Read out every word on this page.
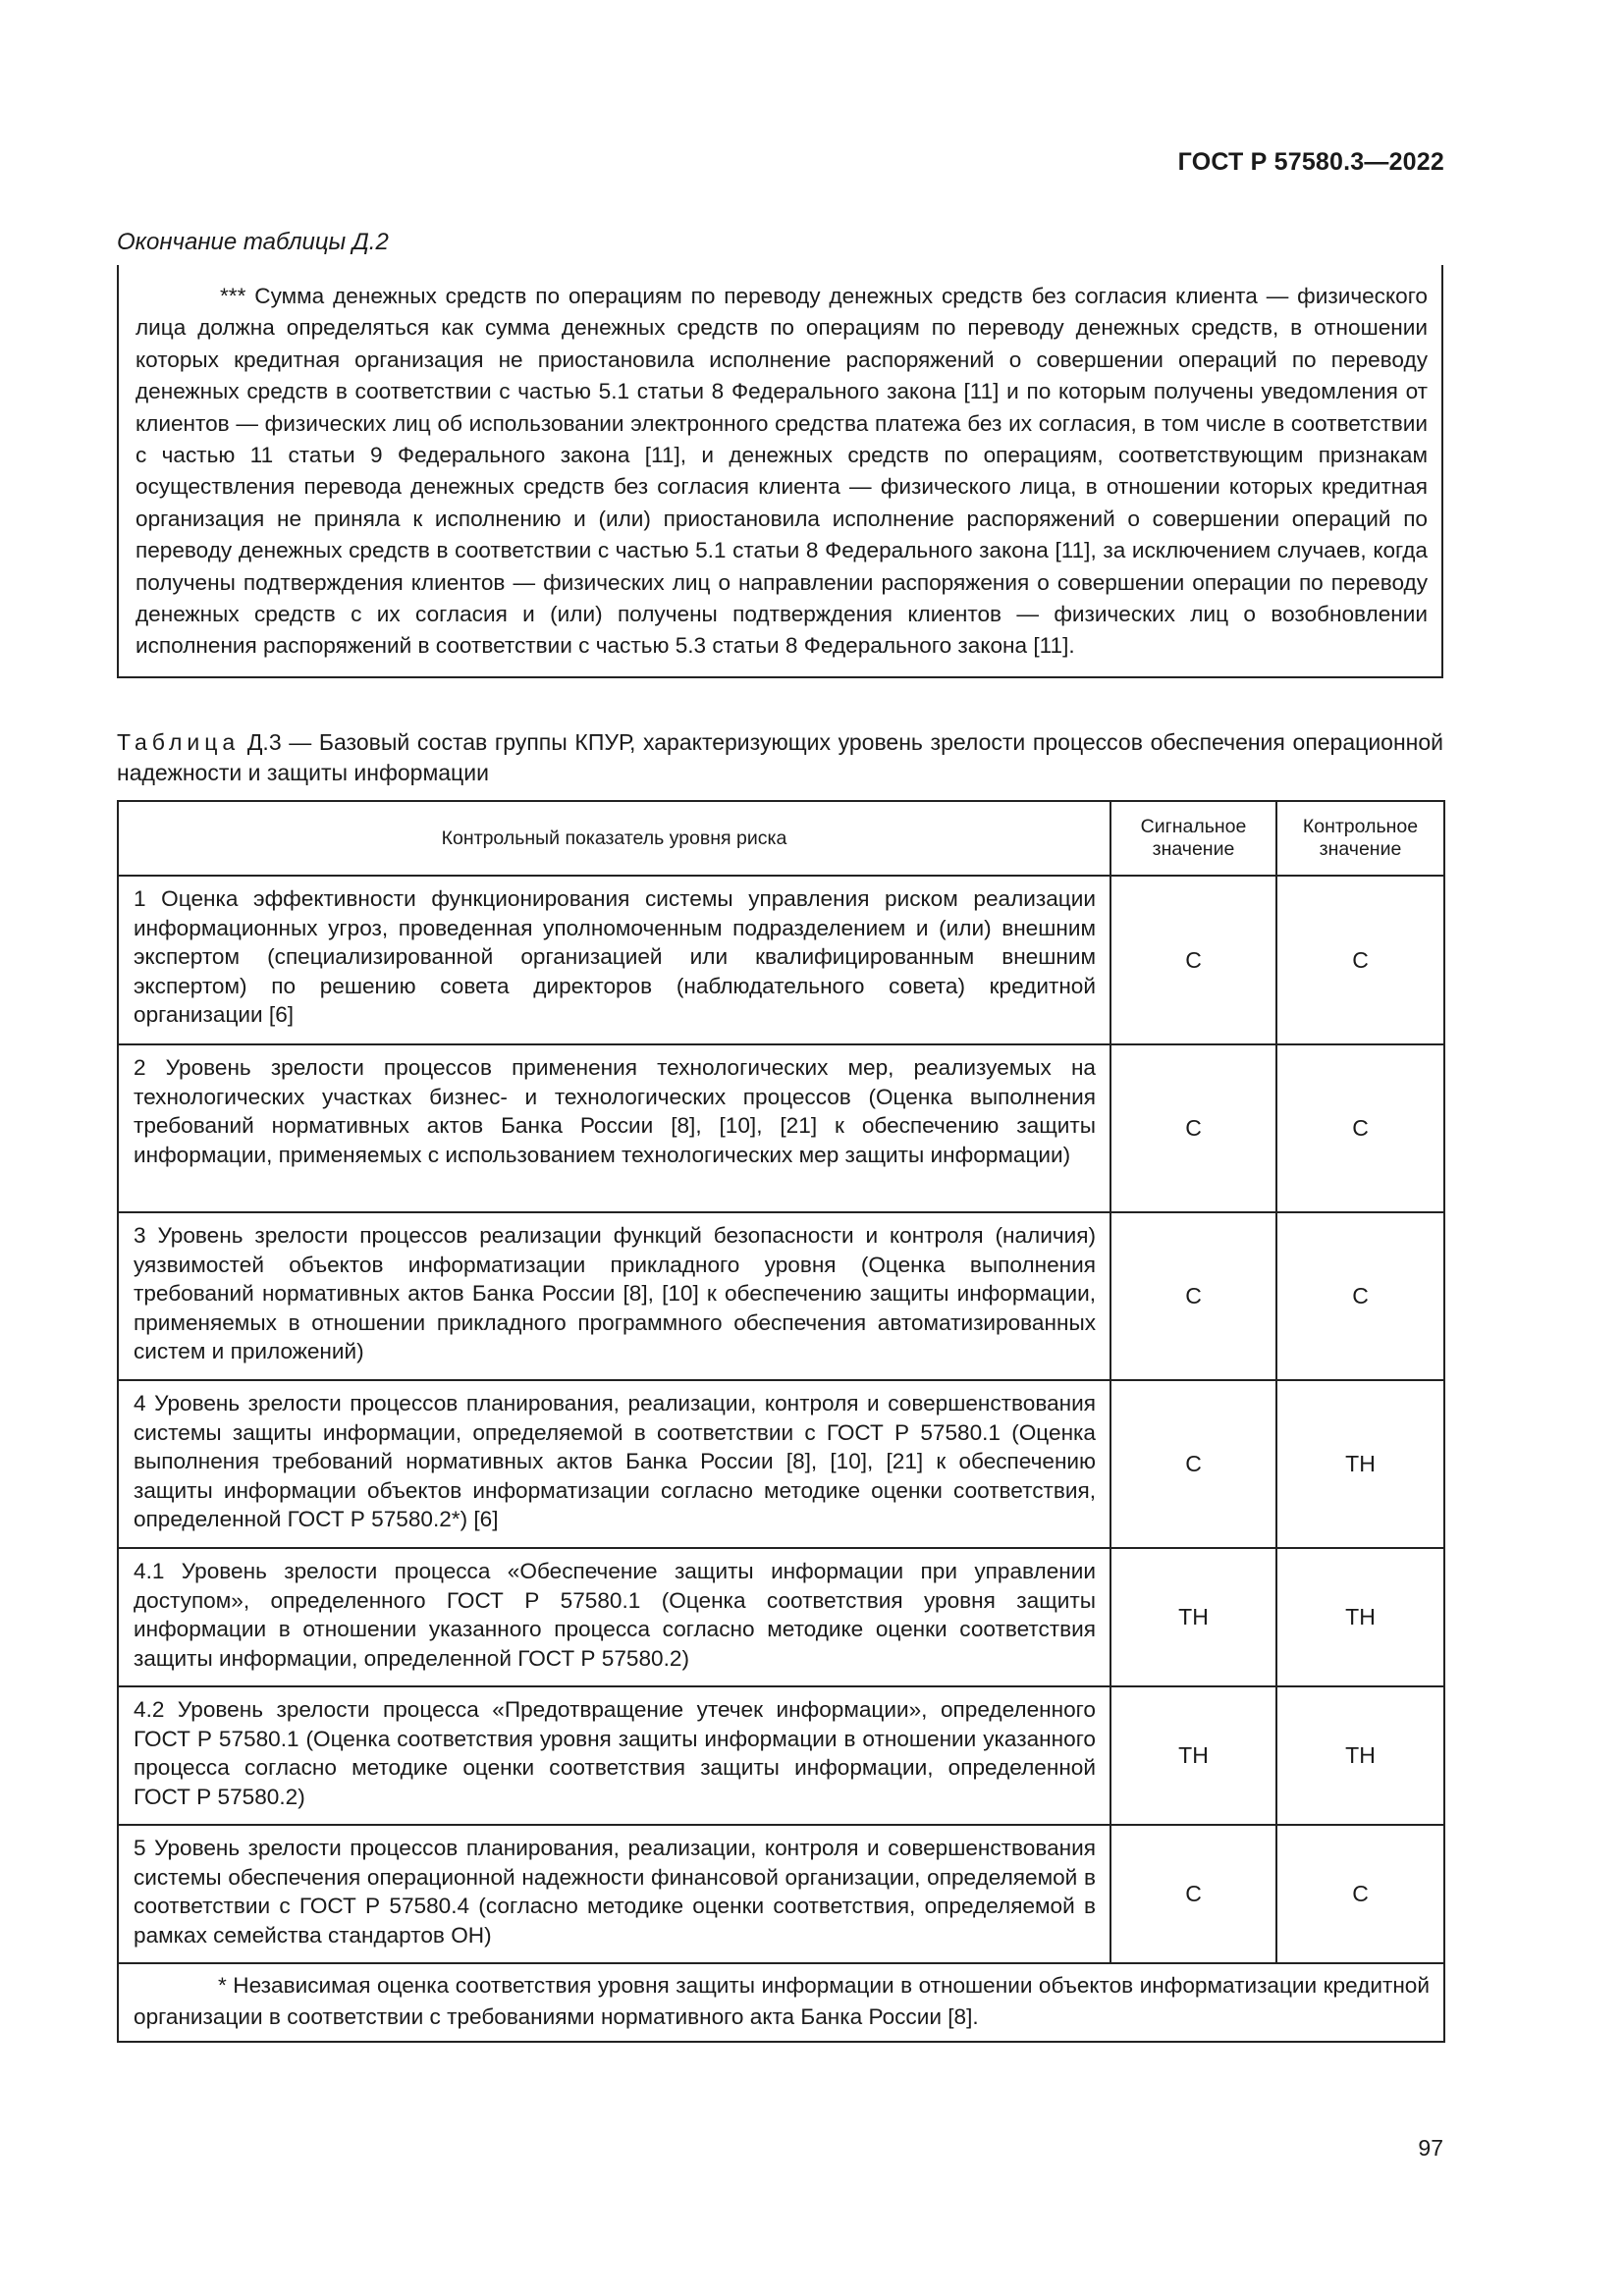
ГОСТ Р 57580.3—2022
Окончание таблицы Д.2

*** Сумма денежных средств по операциям по переводу денежных средств без согласия клиента — физического лица должна определяться как сумма денежных средств по операциям по переводу денежных средств, в отношении которых кредитная организация не приостановила исполнение распоряжений о совершении операций по переводу денежных средств в соответствии с частью 5.1 статьи 8 Федерального закона [11] и по которым получены уведомления от клиентов — физических лиц об использовании электронного средства платежа без их согласия, в том числе в соответствии с частью 11 статьи 9 Федерального закона [11], и денежных средств по операциям, соответствующим признакам осуществления перевода денежных средств без согласия клиента — физического лица, в отношении которых кредитная организация не приняла к исполнению и (или) приостановила исполнение распоряжений о совершении операций по переводу денежных средств в соответствии с частью 5.1 статьи 8 Федерального закона [11], за исключением случаев, когда получены подтверждения клиентов — физических лиц о направлении распоряжения о совершении операции по переводу денежных средств с их согласия и (или) получены подтверждения клиентов — физических лиц о возобновлении исполнения распоряжений в соответствии с частью 5.3 статьи 8 Федерального закона [11].

Таблица Д.3 — Базовый состав группы КПУР, характеризующих уровень зрелости процессов обеспечения операционной надежности и защиты информации

Контрольный показатель уровня риска	Сигнальное значение	Контрольное значение
1 Оценка эффективности функционирования системы управления риском реализации информационных угроз, проведенная уполномоченным подразделением и (или) внешним экспертом (специализированной организацией или квалифицированным внешним экспертом) по решению совета директоров (наблюдательного совета) кредитной организации [6]	С	С
2 Уровень зрелости процессов применения технологических мер, реализуемых на технологических участках бизнес- и технологических процессов (Оценка выполнения требований нормативных актов Банка России [8], [10], [21] к обеспечению защиты информации, применяемых с использованием технологических мер защиты информации)	С	С
3 Уровень зрелости процессов реализации функций безопасности и контроля (наличия) уязвимостей объектов информатизации прикладного уровня (Оценка выполнения требований нормативных актов Банка России [8], [10] к обеспечению защиты информации, применяемых в отношении прикладного программного обеспечения автоматизированных систем и приложений)	С	С
4 Уровень зрелости процессов планирования, реализации, контроля и совершенствования системы защиты информации, определяемой в соответствии с ГОСТ Р 57580.1 (Оценка выполнения требований нормативных актов Банка России [8], [10], [21] к обеспечению защиты информации объектов информатизации согласно методике оценки соответствия, определенной ГОСТ Р 57580.2*) [6]	С	ТН
4.1 Уровень зрелости процесса «Обеспечение защиты информации при управлении доступом», определенного ГОСТ Р 57580.1 (Оценка соответствия уровня защиты информации в отношении указанного процесса согласно методике оценки соответствия защиты информации, определенной ГОСТ Р 57580.2)	ТН	ТН
4.2 Уровень зрелости процесса «Предотвращение утечек информации», определенного ГОСТ Р 57580.1 (Оценка соответствия уровня защиты информации в отношении указанного процесса согласно методике оценки соответствия защиты информации, определенной ГОСТ Р 57580.2)	ТН	ТН
5 Уровень зрелости процессов планирования, реализации, контроля и совершенствования системы обеспечения операционной надежности финансовой организации, определяемой в соответствии с ГОСТ Р 57580.4 (согласно методике оценки соответствия, определяемой в рамках семейства стандартов ОН)	С	С

* Независимая оценка соответствия уровня защиты информации в отношении объектов информатизации кредитной организации в соответствии с требованиями нормативного акта Банка России [8].		

97
